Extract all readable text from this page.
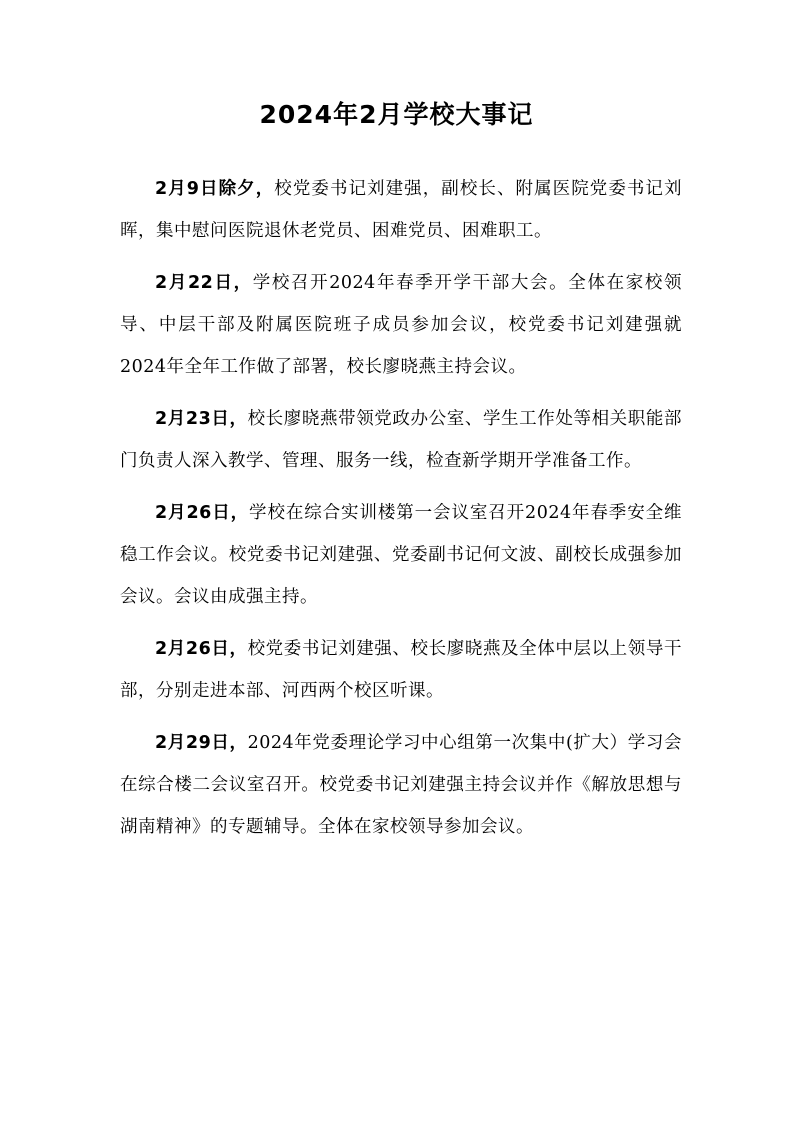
2024年2月学校大事记

2月9日除夕，校党委书记刘建强，副校长、附属医院党委书记刘晖，集中慰问医院退休老党员、困难党员、困难职工。

2月22日，学校召开2024年春季开学干部大会。全体在家校领导、中层干部及附属医院班子成员参加会议，校党委书记刘建强就2024年全年工作做了部署，校长廖晓燕主持会议。

2月23日，校长廖晓燕带领党政办公室、学生工作处等相关职能部门负责人深入教学、管理、服务一线，检查新学期开学准备工作。

2月26日，学校在综合实训楼第一会议室召开2024年春季安全维稳工作会议。校党委书记刘建强、党委副书记何文波、副校长成强参加会议。会议由成强主持。

2月26日，校党委书记刘建强、校长廖晓燕及全体中层以上领导干部，分别走进本部、河西两个校区听课。

2月29日，2024年党委理论学习中心组第一次集中(扩大）学习会在综合楼二会议室召开。校党委书记刘建强主持会议并作《解放思想与湖南精神》的专题辅导。全体在家校领导参加会议。
